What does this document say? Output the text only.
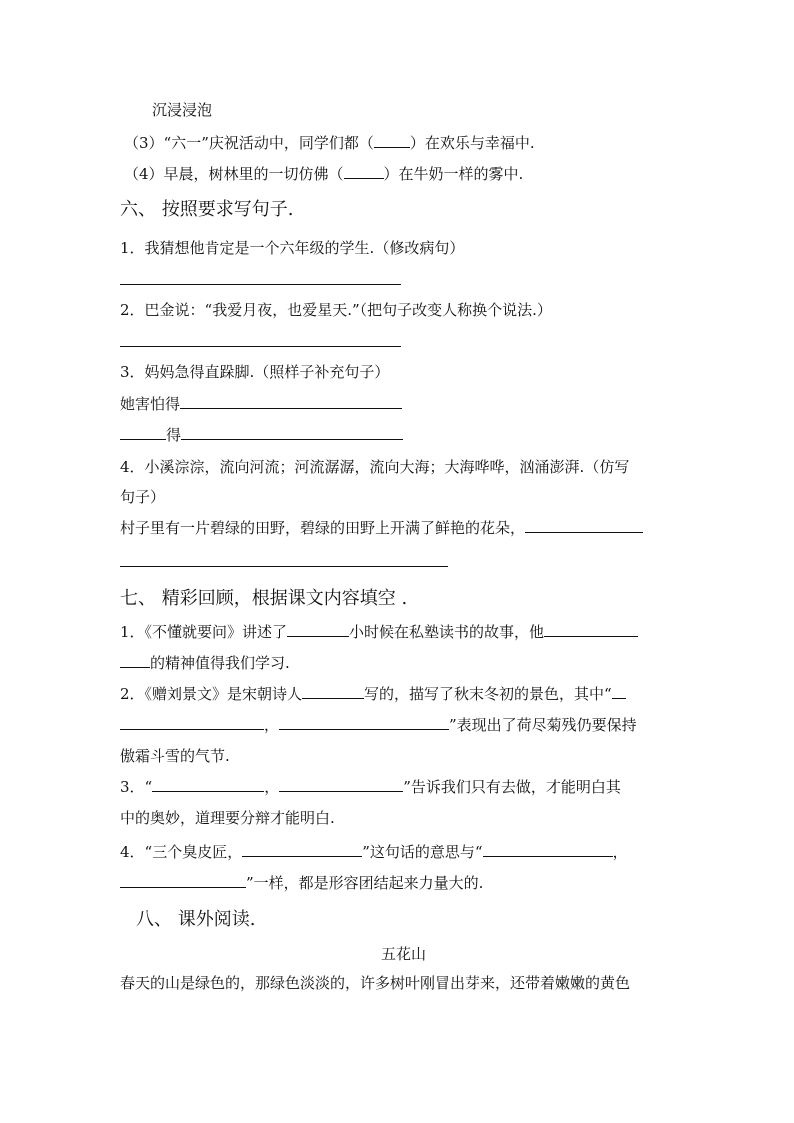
沉浸浸泡
（3）“六一”庆祝活动中，同学们都（ ）在欢乐与幸福中.
（4）早晨，树林里的一切仿佛（	）在牛奶一样的雾中.
六、 按照要求写句子.
1．我猜想他肯定是一个六年级的学生.（修改病句）
2．巴金说：“我爱月夜，也爱星天.”（把句子改变人称换个说法.）
3．妈妈急得直跺脚.（照样子补充句子）
她害怕得
得
4．小溪淙淙，流向河流；河流潺潺，流向大海；大海哗哗，汹涌澎湃.（仿写
句子）
村子里有一片碧绿的田野，碧绿的田野上开满了鲜艳的花朵，
七、 精彩回顾，根据课文内容填空 .
1．《不懂就要问》讲述了	小时候在私塾读书的故事，他
的精神值得我们学习.
2．《赠刘景文》是宋朝诗人	写的，描写了秋末冬初的景色，其中“
，	”表现出了荷尽菊残仍要保持
傲霜斗雪的气节.
3．“	，	”告诉我们只有去做，才能明白其
中的奥妙，道理要分辩才能明白.
4．“三个臭皮匠，	”这句话的意思与“	，
”一样，都是形容团结起来力量大的.
八、 课外阅读.
五花山
春天的山是绿色的，那绿色淡淡的，许多树叶刚冒出芽来，还带着嫩嫩的黄色
